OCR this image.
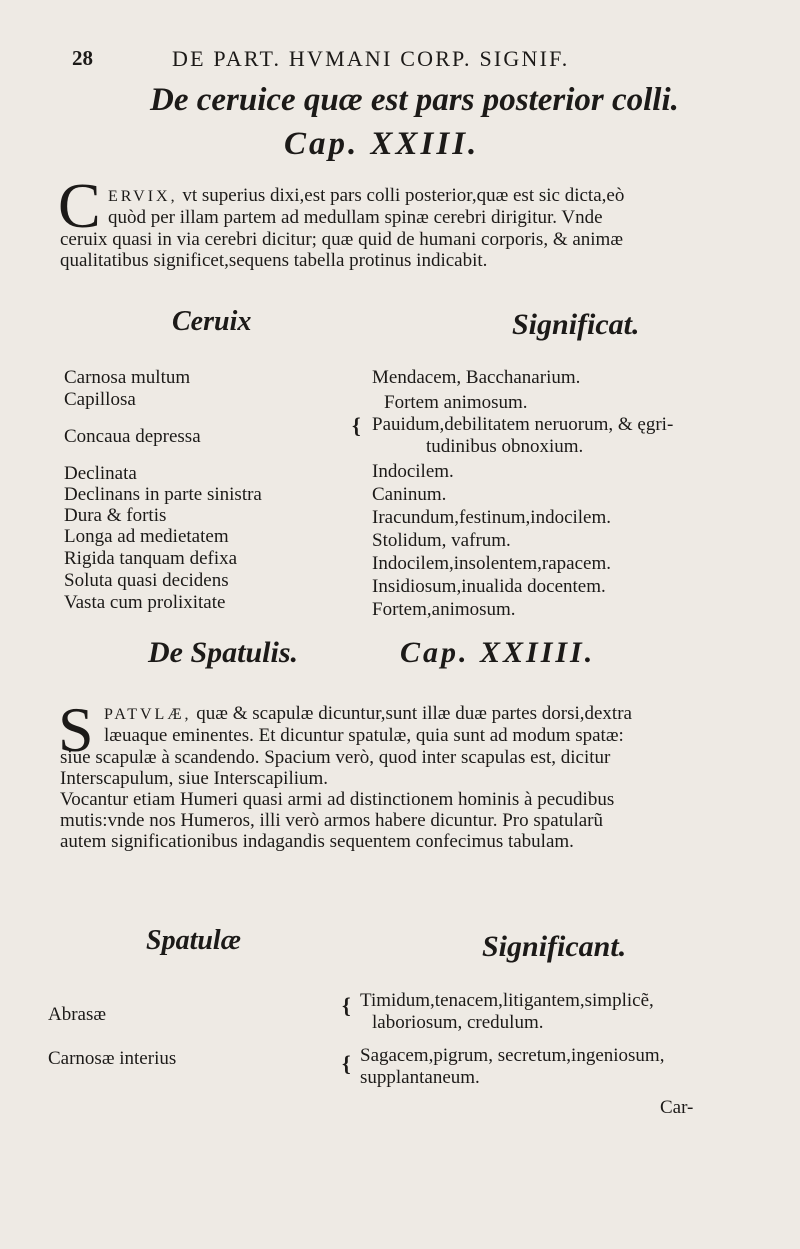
28	DE PART. HVMANI CORP. SIGNIF.
De ceruice quæ est pars posterior colli.
Cap. XXIII.
C ERVIX, vt superius dixi,est pars colli posterior,quæ est sic dicta,eò
quòd per illam partem ad medullam spinæ cerebri dirigitur. Vnde
ceruix quasi in via cerebri dicitur; quæ quid de humani corporis, & animæ
qualitatibus significet,sequens tabella protinus indicabit.
Ceruix	Significat.
Carnosa multum	Mendacem, Bacchanarium.
Capillosa	Fortem animosum.
Concaua depressa	{ Pauidum,debilitatem neruorum, & ęgri-
tudinibus obnoxium.
Declinata	Indocilem.
Declinans in parte sinistra	Caninum.
Dura & fortis	Iracundum,festinum,indocilem.
Longa ad medietatem	Stolidum, vafrum.
Rigida tanquam defixa	Indocilem,insolentem,rapacem.
Soluta quasi decidens	Insidiosum,inualida docentem.
Vasta cum prolixitate	Fortem,animosum.
De Spatulis.	Cap. XXIIII.
S PATVLÆ, quæ & scapulæ dicuntur,sunt illæ duæ partes dorsi,dextra
læuaque eminentes. Et dicuntur spatulæ, quia sunt ad modum spatæ:
siue scapulæ à scandendo. Spacium verò, quod inter scapulas est, dicitur
Interscapulum, siue Interscapilium.
Vocantur etiam Humeri quasi armi ad distinctionem hominis à pecudibus
mutis:vnde nos Humeros, illi verò armos habere dicuntur. Pro spatularũ
autem significationibus indagandis sequentem confecimus tabulam.
Spatulæ	Significant.
Abrasæ	{ Timidum,tenacem,litigantem,simplicẽ,
laboriosum, credulum.
Carnosæ interius	{ Sagacem,pigrum, secretum,ingeniosum,
supplantaneum.
Car-
